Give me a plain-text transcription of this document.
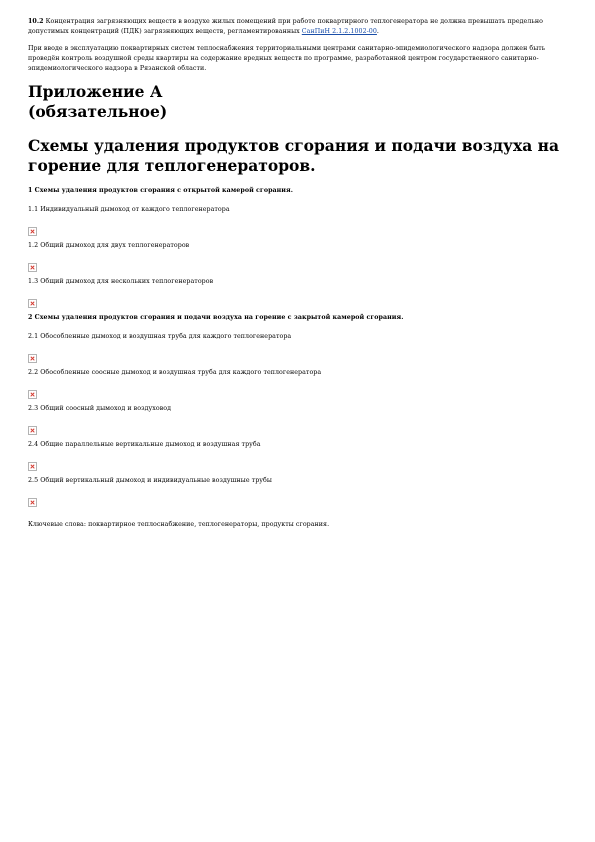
10.2 Концентрация загрязняющих веществ в воздухе жилых помещений при работе поквартирного теплогенератора не должна превышать предельно допустимых концентраций (ПДК) загрязняющих веществ, регламентированных СанПиН 2.1.2.1002-00.

При вводе в эксплуатацию поквартирных систем теплоснабжения территориальными центрами санитарно-эпидемиологического надзора должен быть проведён контроль воздушной среды квартиры на содержание вредных веществ по программе, разработанной центром государственного санитарно-эпидемиологического надзора в Рязанской области.

Приложение А
(обязательное)
Схемы удаления продуктов сгорания и подачи воздуха на
горение для теплогенераторов.

1 Схемы удаления продуктов сгорания с открытой камерой сгорания.

1.1 Индивидуальный дымоход от каждого теплогенератора

1.2 Общий дымоход для двух теплогенераторов

1.3 Общий дымоход для нескольких теплогенераторов

2 Схемы удаления продуктов сгорания и подачи воздуха на горение с закрытой камерой сгорания.

2.1 Обособленные дымоход и воздушная труба для каждого теплогенератора

2.2 Обособленные соосные дымоход и воздушная труба для каждого теплогенератора

2.3 Общий соосный дымоход и воздуховод

2.4 Общие параллельные вертикальные дымоход и воздушная труба

2.5 Общий вертикальный дымоход и индивидуальные воздушные трубы

Ключевые слова: поквартирное теплоснабжение, теплогенераторы, продукты сгорания.
